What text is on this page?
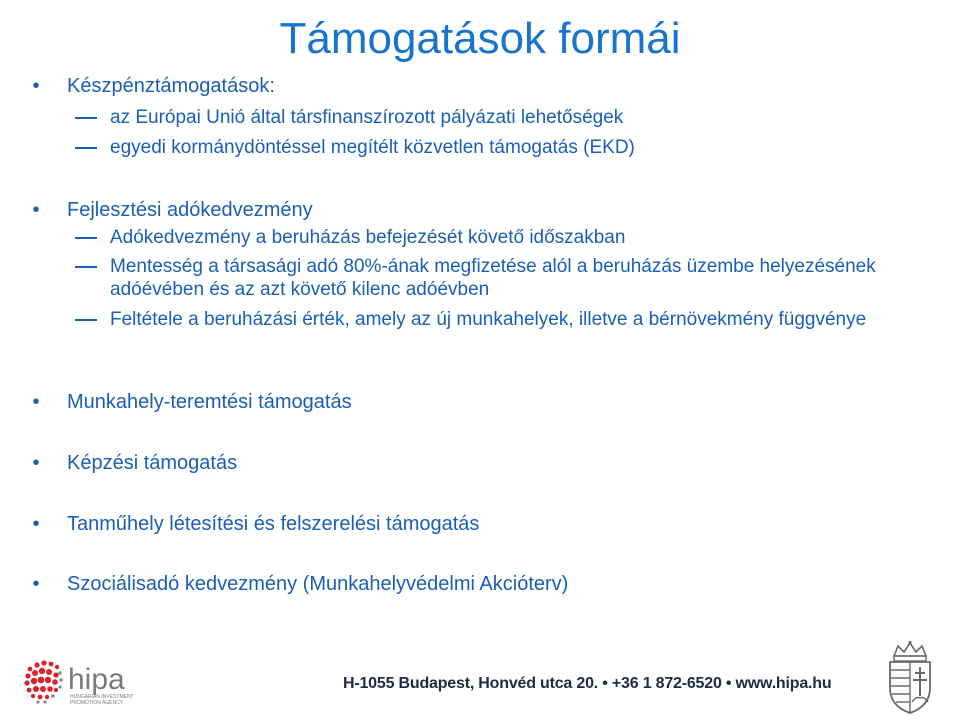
Támogatások formái
• Készpénztámogatások:
az Európai Unió által társfinanszírozott pályázati lehetőségek
egyedi kormánydöntéssel megítélt közvetlen támogatás (EKD)
• Fejlesztési adókedvezmény
Adókedvezmény a beruházás befejezését követő időszakban
Mentesség a társasági adó 80%-ának megfizetése alól a beruházás üzembe helyezésének adóévében és az azt követő kilenc adóévben
Feltétele a beruházási érték, amely az új munkahelyek, illetve a bérnövekmény függvénye
• Munkahely-teremtési támogatás
• Képzési támogatás
• Tanműhely létesítési és felszerelési támogatás
• Szociálisadó kedvezmény (Munkahelyvédelmi Akcióterv)
hipa
HUNGARIAN INVESTMENT
PROMOTION AGENCY
H-1055 Budapest, Honvéd utca 20. • +36 1 872-6520 • www.hipa.hu
